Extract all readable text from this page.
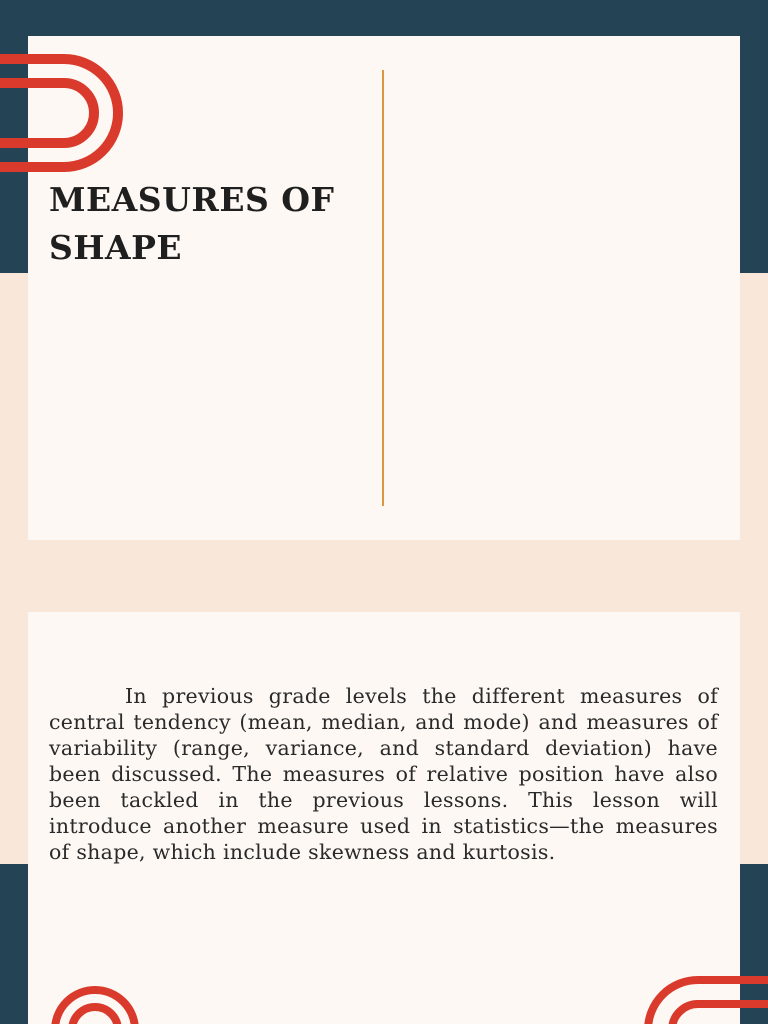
MEASURES OF SHAPE

In previous grade levels the different measures of central tendency (mean, median, and mode) and measures of variability (range, variance, and standard deviation) have been discussed. The measures of relative position have also been tackled in the previous lessons. This lesson will introduce another measure used in statistics—the measures of shape, which include skewness and kurtosis.
